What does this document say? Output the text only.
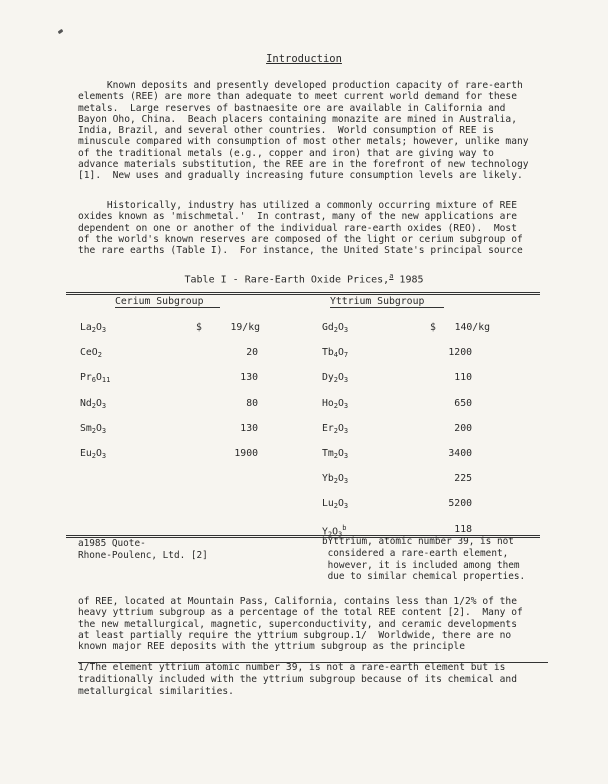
Introduction
Known deposits and presently developed production capacity of rare-earth
elements (REE) are more than adequate to meet current world demand for these
metals.  Large reserves of bastnaesite ore are available in California and
Bayon Oho, China.  Beach placers containing monazite are mined in Australia,
India, Brazil, and several other countries.  World consumption of REE is
minuscule compared with consumption of most other metals; however, unlike many
of the traditional metals (e.g., copper and iron) that are giving way to
advance materials substitution, the REE are in the forefront of new technology
[1].  New uses and gradually increasing future consumption levels are likely.
Historically, industry has utilized a commonly occurring mixture of REE
oxides known as 'mischmetal.'  In contrast, many of the new applications are
dependent on one or another of the individual rare-earth oxides (REO).  Most
of the world's known reserves are composed of the light or cerium subgroup of
the rare earths (Table I).  For instance, the United State's principal source
Table I - Rare-Earth Oxide Prices,$^a$ 1985
Cerium Subgroup	Yttrium Subgroup
$La_2O_3$	$	19/kg
CeO$_2$	20
$Pr_6O_{11}$	130
$Nd_2O_3$	80
$Sm_2O_3$	130
$Eu_2O_3$	1900
$Gd_2O_3$	$	140/kg
$Tb_4O_7$	1200
$Dy_2O_3$	110
$Ho_2O_3$	650
$Er_2O_3$	200
$Tm_2O_3$	3400
$Yb_2O_3$	225
$Lu_2O_3$	5200
$Y_2O_3^b$	118
a1985 Quote-
Rhone-Poulenc, Ltd. [2]
bYttrium, atomic number 39, is not
considered a rare-earth element,
however, it is included among them
due to similar chemical properties.
of REE, located at Mountain Pass, California, contains less than 1/2% of the
heavy yttrium subgroup as a percentage of the total REE content [2].  Many of
the new metallurgical, magnetic, superconductivity, and ceramic developments
at least partially require the yttrium subgroup.1/  Worldwide, there are no
known major REE deposits with the yttrium subgroup as the principle
1/The element yttrium atomic number 39, is not a rare-earth element but is
traditionally included with the yttrium subgroup because of its chemical and
metallurgical similarities.
